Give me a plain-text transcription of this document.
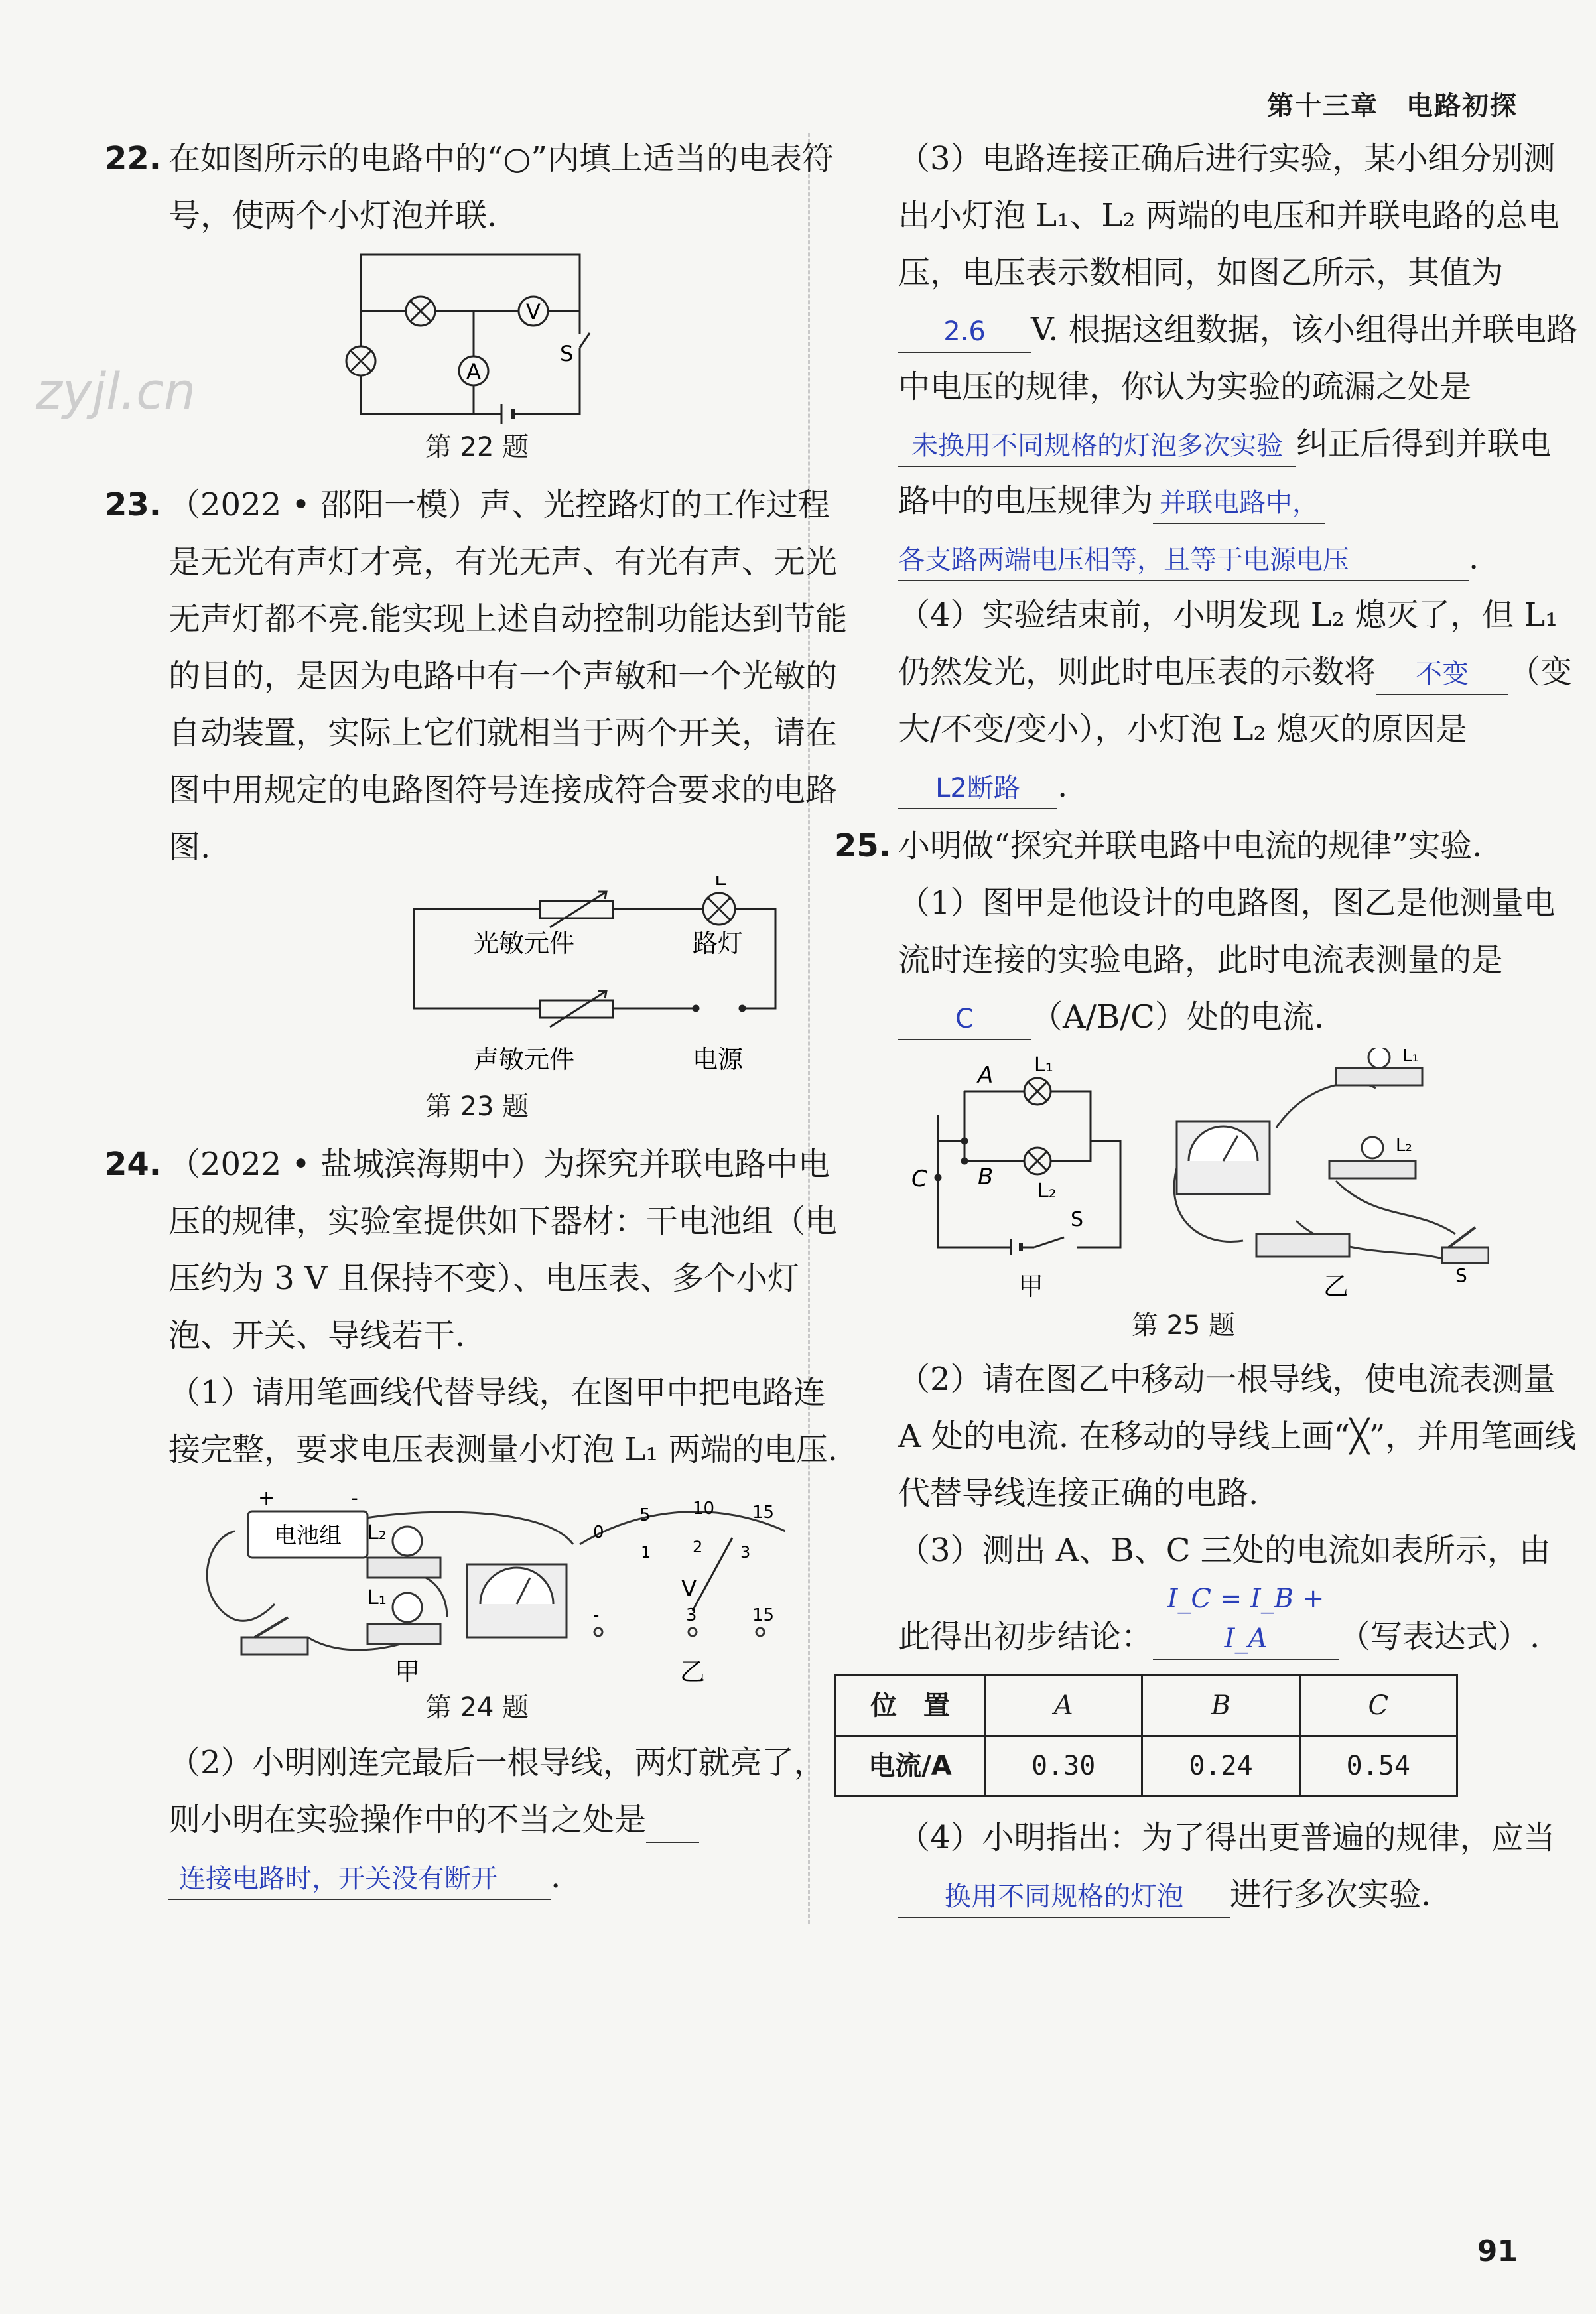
第十三章　电路初探
zyjl.cn
91

22. 在如图所示的电路中的“○”内填上适当的电表符号，使两个小灯泡并联.

V
A
S
第 22 题

23. （2022 • 邵阳一模）声、光控路灯的工作过程是无光有声灯才亮，有光无声、有光有声、无光无声灯都不亮.能实现上述自动控制功能达到节能的目的，是因为电路中有一个声敏和一个光敏的自动装置，实际上它们就相当于两个开关，请在图中用规定的电路图符号连接成符合要求的电路图.

光敏元件	路灯
L
声敏元件	电源
第 23 题

24. （2022 • 盐城滨海期中）为探究并联电路中电压的规律，实验室提供如下器材：干电池组（电压约为 3 V 且保持不变）、电压表、多个小灯泡、开关、导线若干.

（1）请用笔画线代替导线，在图甲中把电路连接完整，要求电压表测量小灯泡 L₁ 两端的电压.

电池组
+	-
L₂
L₁
甲
0
5 10 15
1	2 3
V
-	3	15
乙
第 24 题

（2）小明刚连完最后一根导线，两灯就亮了，则小明在实验操作中的不当之处是

连接电路时，开关没有断开 .

（3）电路连接正确后进行实验，某小组分别测出小灯泡 L₁、L₂ 两端的电压和并联电路的总电压，电压表示数相同，如图乙所示，其值为2.6 V. 根据这组数据，该小组得出并联电路中电压的规律，你认为实验的疏漏之处是未换用不同规格的灯泡多次实验 纠正后得到并联电路中的电压规律为 并联电路中，
各支路两端电压相等，且等于电源电压	.

（4）实验结束前，小明发现 L₂ 熄灭了，但 L₁ 仍然发光，则此时电压表的示数将 不变 （变大/不变/变小），小灯泡 L₂ 熄灭的原因是L2断路 .

25. 小明做“探究并联电路中电流的规律”实验.

（1）图甲是他设计的电路图，图乙是他测量电流时连接的实验电路，此时电流表测量的是C （A/B/C）处的电流.

A
B
C
L₁
L₂
S
甲
L₁
L₂
S
乙
第 25 题

（2）请在图乙中移动一根导线，使电流表测量 A 处的电流. 在移动的导线上画“╳”，并用笔画线代替导线连接正确的电路.

（3）测出 A、B、C 三处的电流如表所示，由此得出初步结论：I_C = I_B + I_A （写表达式）.

位　置	A	B	C
电流/A	0.30	0.24	0.54

（4）小明指出：为了得出更普遍的规律，应当换用不同规格的灯泡 进行多次实验.
